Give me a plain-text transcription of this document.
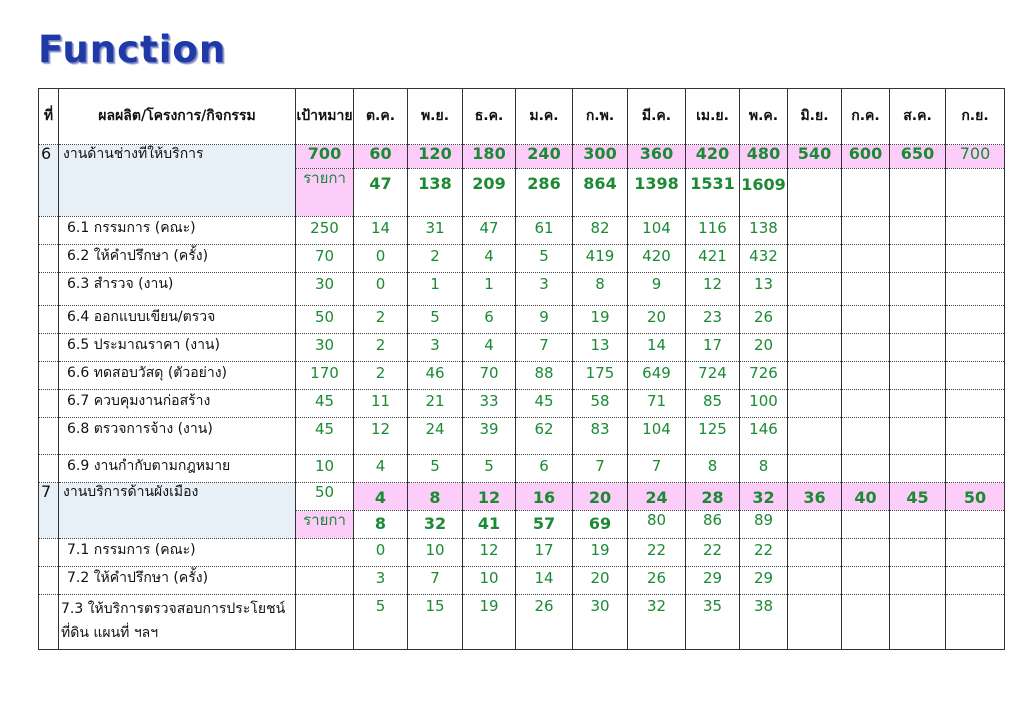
Function
ที่	ผลผลิต/โครงการ/กิจกรรม	เป้าหมาย	ต.ค.	พ.ย.	ธ.ค.	ม.ค.	ก.พ.	มี.ค.	เม.ย.	พ.ค.	มิ.ย.	ก.ค.	ส.ค.	ก.ย.
6	งานด้านช่างที่ให้บริการ	700	60	120	180	240	300	360	420	480	540	600	650	700
		รายกา	47	138	209	286	864	1398	1531	1609				
	6.1 กรรมการ (คณะ)	250	14	31	47	61	82	104	116	138				
	6.2 ให้คำปรึกษา (ครั้ง)	70	0	2	4	5	419	420	421	432				
	6.3 สำรวจ (งาน)	30	0	1	1	3	8	9	12	13				
	6.4 ออกแบบเขียน/ตรวจ	50	2	5	6	9	19	20	23	26				
	6.5 ประมาณราคา (งาน)	30	2	3	4	7	13	14	17	20				
	6.6 ทดสอบวัสดุ (ตัวอย่าง)	170	2	46	70	88	175	649	724	726				
	6.7 ควบคุมงานก่อสร้าง	45	11	21	33	45	58	71	85	100				
	6.8 ตรวจการจ้าง (งาน)	45	12	24	39	62	83	104	125	146				
	6.9 งานกำกับตามกฎหมาย	10	4	5	5	6	7	7	8	8				
7	งานบริการด้านผังเมือง	50	4	8	12	16	20	24	28	32	36	40	45	50
		รายกา	8	32	41	57	69	80	86	89				
	7.1 กรรมการ (คณะ)		0	10	12	17	19	22	22	22				
	7.2 ให้คำปรึกษา (ครั้ง)		3	7	10	14	20	26	29	29				
	7.3 ให้บริการตรวจสอบการประโยชน์ที่ดิน แผนที่ ฯลฯ		5	15	19	26	30	32	35	38				
